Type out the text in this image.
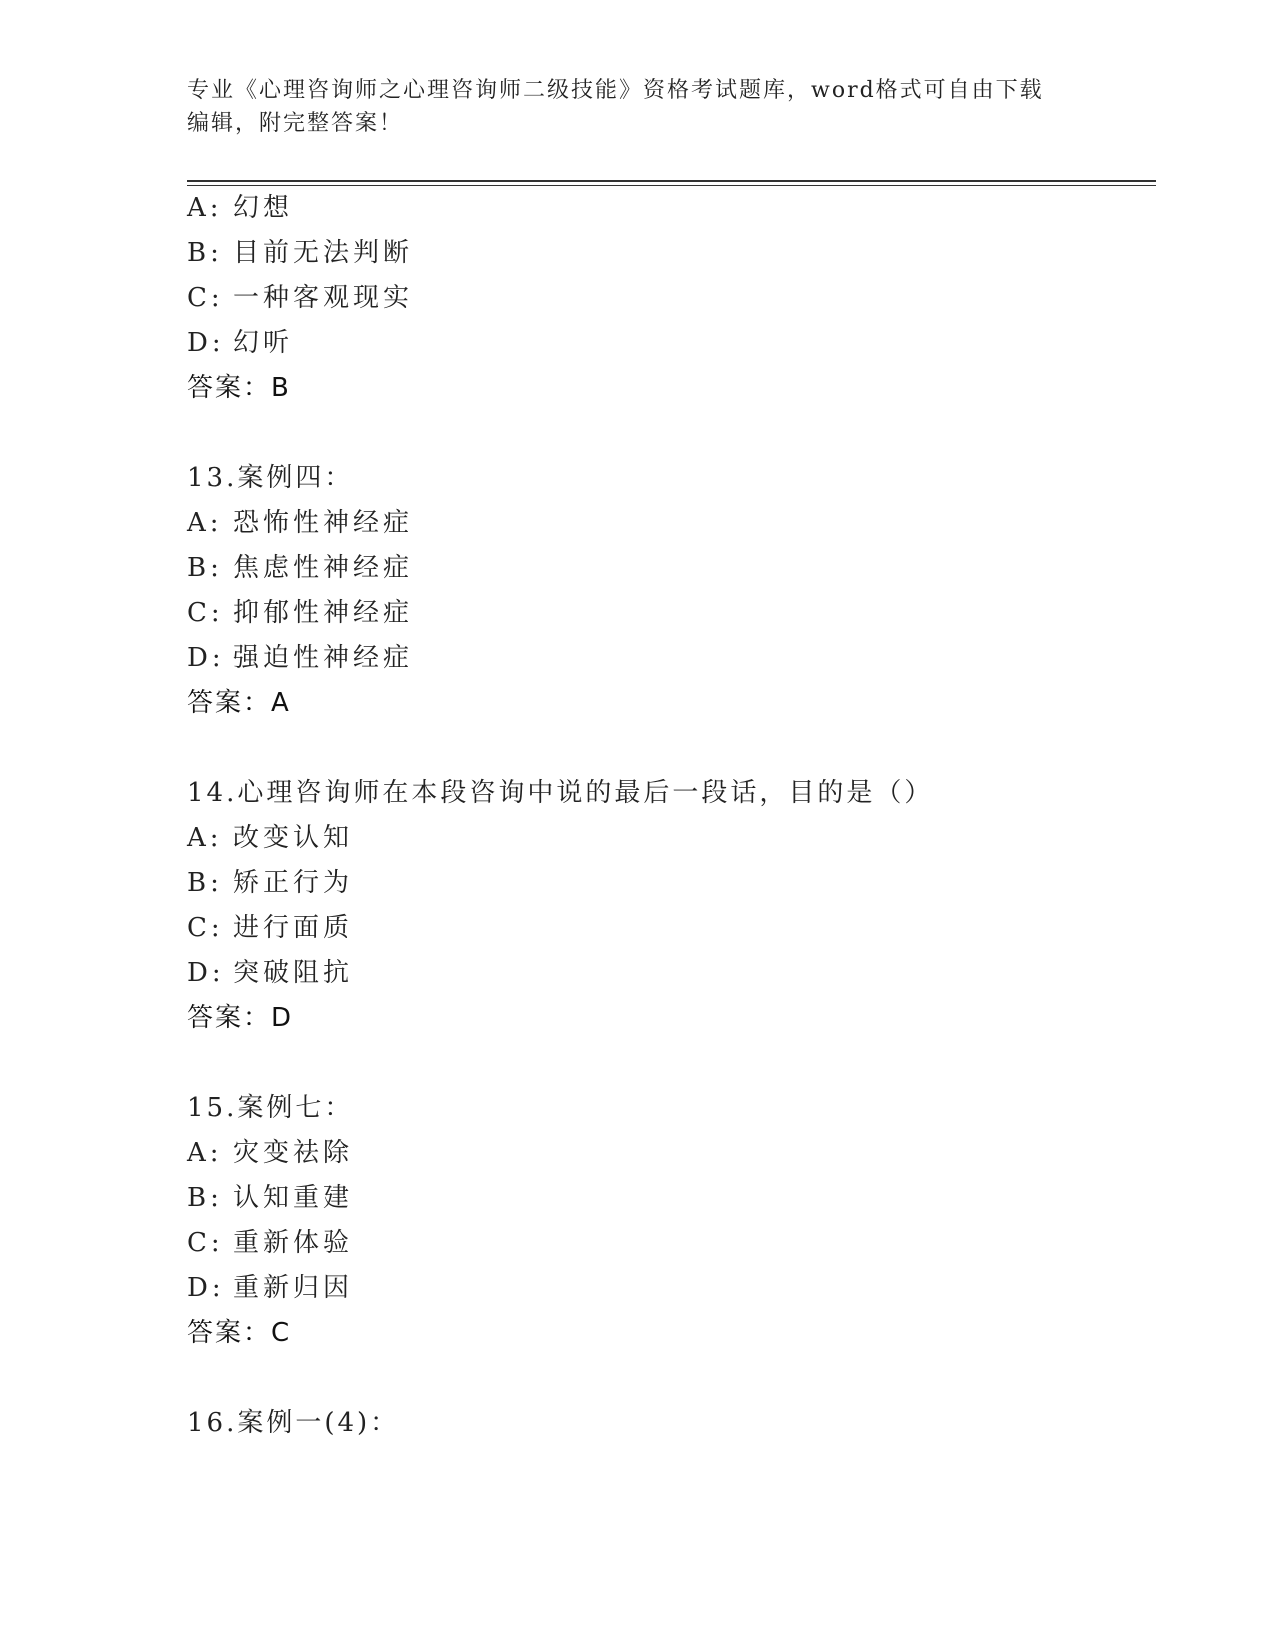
专业《心理咨询师之心理咨询师二级技能》资格考试题库，word格式可自由下载
编辑，附完整答案！
A: 幻想
B: 目前无法判断
C: 一种客观现实
D: 幻听
答案：B
13.案例四：
A: 恐怖性神经症
B: 焦虑性神经症
C: 抑郁性神经症
D: 强迫性神经症
答案：A
14.心理咨询师在本段咨询中说的最后一段话，目的是（）
A: 改变认知
B: 矫正行为
C: 进行面质
D: 突破阻抗
答案：D
15.案例七：
A: 灾变祛除
B: 认知重建
C: 重新体验
D: 重新归因
答案：C
16.案例一(4)：
